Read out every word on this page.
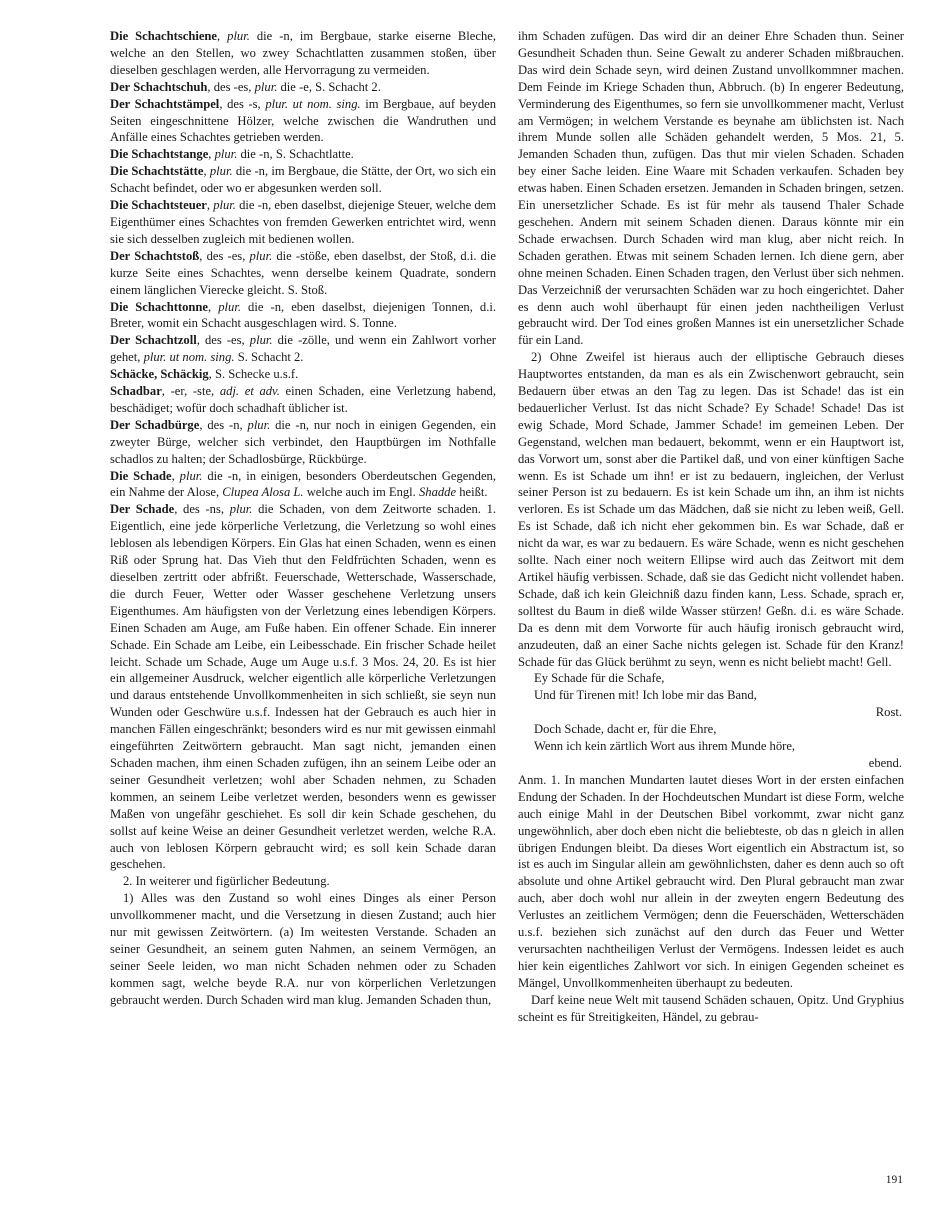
Die Schachtschiene, plur. die -n, im Bergbaue, starke eiserne Bleche, welche an den Stellen, wo zwey Schachtlatten zusammen stoßen, über dieselben geschlagen werden, alle Hervorragung zu vermeiden.

Der Schachtschuh, des -es, plur. die -e, S. Schacht 2.

Der Schachtstämpel, des -s, plur. ut nom. sing. im Bergbaue, auf beyden Seiten eingeschnittene Hölzer, welche zwischen die Wandruthen und Anfälle eines Schachtes getrieben werden.

Die Schachtstange, plur. die -n, S. Schachtlatte.

Die Schachtstätte, plur. die -n, im Bergbaue, die Stätte, der Ort, wo sich ein Schacht befindet, oder wo er abgesunken werden soll.

Die Schachtsteuer, plur. die -n, eben daselbst, diejenige Steuer, welche dem Eigenthümer eines Schachtes von fremden Gewerken entrichtet wird, wenn sie sich desselben zugleich mit bedienen wollen.

Der Schachtstoß, des -es, plur. die -stöße, eben daselbst, der Stoß, d.i. die kurze Seite eines Schachtes, wenn derselbe keinem Quadrate, sondern einem länglichen Vierecke gleicht. S. Stoß.

Die Schachttonne, plur. die -n, eben daselbst, diejenigen Tonnen, d.i. Breter, womit ein Schacht ausgeschlagen wird. S. Tonne.

Der Schachtzoll, des -es, plur. die -zölle, und wenn ein Zahlwort vorher gehet, plur. ut nom. sing. S. Schacht 2.

Schäcke, Schäckig, S. Schecke u.s.f.

Schadbar, -er, -ste, adj. et adv. einen Schaden, eine Verletzung habend, beschädiget; wofür doch schadhaft üblicher ist.

Der Schadbürge, des -n, plur. die -n, nur noch in einigen Gegenden, ein zweyter Bürge, welcher sich verbindet, den Hauptbürgen im Nothfalle schadlos zu halten; der Schadlosbürge, Rückbürge.

Die Schade, plur. die -n, in einigen, besonders Oberdeutschen Gegenden, ein Nahme der Alose, Clupea Alosa L. welche auch im Engl. Shadde heißt.

Der Schade, des -ns, plur. die Schaden, von dem Zeitworte schaden. 1. Eigentlich, eine jede körperliche Verletzung, die Verletzung so wohl eines leblosen als lebendigen Körpers. Ein Glas hat einen Schaden, wenn es einen Riß oder Sprung hat. Das Vieh thut den Feldfrüchten Schaden, wenn es dieselben zertritt oder abfrißt. Feuerschade, Wetterschade, Wasserschade, die durch Feuer, Wetter oder Wasser geschehene Verletzung unsers Eigenthumes. Am häufigsten von der Verletzung eines lebendigen Körpers. Einen Schaden am Auge, am Fuße haben. Ein offener Schade. Ein innerer Schade. Ein Schade am Leibe, ein Leibesschade. Ein frischer Schade heilet leicht. Schade um Schade, Auge um Auge u.s.f. 3 Mos. 24, 20. Es ist hier ein allgemeiner Ausdruck, welcher eigentlich alle körperliche Verletzungen und daraus entstehende Unvollkommenheiten in sich schließt, sie seyn nun Wunden oder Geschwüre u.s.f. Indessen hat der Gebrauch es auch hier in manchen Fällen eingeschränkt; besonders wird es nur mit gewissen einmahl eingeführten Zeitwörtern gebraucht. Man sagt nicht, jemanden einen Schaden machen, ihm einen Schaden zufügen, ihn an seinem Leibe oder an seiner Gesundheit verletzen; wohl aber Schaden nehmen, zu Schaden kommen, an seinem Leibe verletzet werden, besonders wenn es gewisser Maßen von ungefähr geschiehet. Es soll dir kein Schade geschehen, du sollst auf keine Weise an deiner Gesundheit verletzet werden, welche R.A. auch von leblosen Körpern gebraucht wird; es soll kein Schade daran geschehen.

2. In weiterer und figürlicher Bedeutung.

1) Alles was den Zustand so wohl eines Dinges als einer Person unvollkommener macht, und die Versetzung in diesen Zustand; auch hier nur mit gewissen Zeitwörtern. (a) Im weitesten Verstande. Schaden an seiner Gesundheit, an seinem guten Nahmen, an seinem Vermögen, an seiner Seele leiden, wo man nicht Schaden nehmen oder zu Schaden kommen sagt, welche beyde R.A. nur von körperlichen Verletzungen gebraucht werden. Durch Schaden wird man klug. Jemanden Schaden thun,

ihm Schaden zufügen. Das wird dir an deiner Ehre Schaden thun. Seiner Gesundheit Schaden thun. Seine Gewalt zu anderer Schaden mißbrauchen. Das wird dein Schade seyn, wird deinen Zustand unvollkommner machen. Dem Feinde im Kriege Schaden thun, Abbruch. (b) In engerer Bedeutung, Verminderung des Eigenthumes, so fern sie unvollkommener macht, Verlust am Vermögen; in welchem Verstande es beynahe am üblichsten ist. Nach ihrem Munde sollen alle Schäden gehandelt werden, 5 Mos. 21, 5. Jemanden Schaden thun, zufügen. Das thut mir vielen Schaden. Schaden bey einer Sache leiden. Eine Waare mit Schaden verkaufen. Schaden bey etwas haben. Einen Schaden ersetzen. Jemanden in Schaden bringen, setzen. Ein unersetzlicher Schade. Es ist für mehr als tausend Thaler Schade geschehen. Andern mit seinem Schaden dienen. Daraus könnte mir ein Schade erwachsen. Durch Schaden wird man klug, aber nicht reich. In Schaden gerathen. Etwas mit seinem Schaden lernen. Ich diene gern, aber ohne meinen Schaden. Einen Schaden tragen, den Verlust über sich nehmen. Das Verzeichniß der verursachten Schäden war zu hoch eingerichtet. Daher es denn auch wohl überhaupt für einen jeden nachtheiligen Verlust gebraucht wird. Der Tod eines großen Mannes ist ein unersetzlicher Schade für ein Land.

2) Ohne Zweifel ist hieraus auch der elliptische Gebrauch dieses Hauptwortes entstanden, da man es als ein Zwischenwort gebraucht, sein Bedauern über etwas an den Tag zu legen. Das ist Schade! das ist ein bedauerlicher Verlust. Ist das nicht Schade? Ey Schade! Schade! Das ist ewig Schade, Mord Schade, Jammer Schade! im gemeinen Leben. Der Gegenstand, welchen man bedauert, bekommt, wenn er ein Hauptwort ist, das Vorwort um, sonst aber die Partikel daß, und von einer künftigen Sache wenn. Es ist Schade um ihn! er ist zu bedauern, ingleichen, der Verlust seiner Person ist zu bedauern. Es ist kein Schade um ihn, an ihm ist nichts verloren. Es ist Schade um das Mädchen, daß sie nicht zu leben weiß, Gell. Es ist Schade, daß ich nicht eher gekommen bin. Es war Schade, daß er nicht da war, es war zu bedauern. Es wäre Schade, wenn es nicht geschehen sollte. Nach einer noch weitern Ellipse wird auch das Zeitwort mit dem Artikel häufig verbissen. Schade, daß sie das Gedicht nicht vollendet haben. Schade, daß ich kein Gleichniß dazu finden kann, Less. Schade, sprach er, solltest du Baum in dieß wilde Wasser stürzen! Geßn. d.i. es wäre Schade. Da es denn mit dem Vorworte für auch häufig ironisch gebraucht wird, anzudeuten, daß an einer Sache nichts gelegen ist. Schade für den Kranz! Schade für das Glück berühmt zu seyn, wenn es nicht beliebt macht! Gell.

Ey Schade für die Schafe,

Und für Tirenen mit! Ich lobe mir das Band,

Rost.

Doch Schade, dacht er, für die Ehre,

Wenn ich kein zärtlich Wort aus ihrem Munde höre,

ebend.

Anm. 1. In manchen Mundarten lautet dieses Wort in der ersten einfachen Endung der Schaden. In der Hochdeutschen Mundart ist diese Form, welche auch einige Mahl in der Deutschen Bibel vorkommt, zwar nicht ganz ungewöhnlich, aber doch eben nicht die beliebteste, ob das n gleich in allen übrigen Endungen bleibt. Da dieses Wort eigentlich ein Abstractum ist, so ist es auch im Singular allein am gewöhnlichsten, daher es denn auch so oft absolute und ohne Artikel gebraucht wird. Den Plural gebraucht man zwar auch, aber doch wohl nur allein in der zweyten engern Bedeutung des Verlustes an zeitlichem Vermögen; denn die Feuerschäden, Wetterschäden u.s.f. beziehen sich zunächst auf den durch das Feuer und Wetter verursachten nachtheiligen Verlust der Vermögens. Indessen leidet es auch hier kein eigentliches Zahlwort vor sich. In einigen Gegenden scheinet es Mängel, Unvollkommenheiten überhaupt zu bedeuten.

Darf keine neue Welt mit tausend Schäden schauen, Opitz. Und Gryphius scheint es für Streitigkeiten, Händel, zu gebrau-

191
